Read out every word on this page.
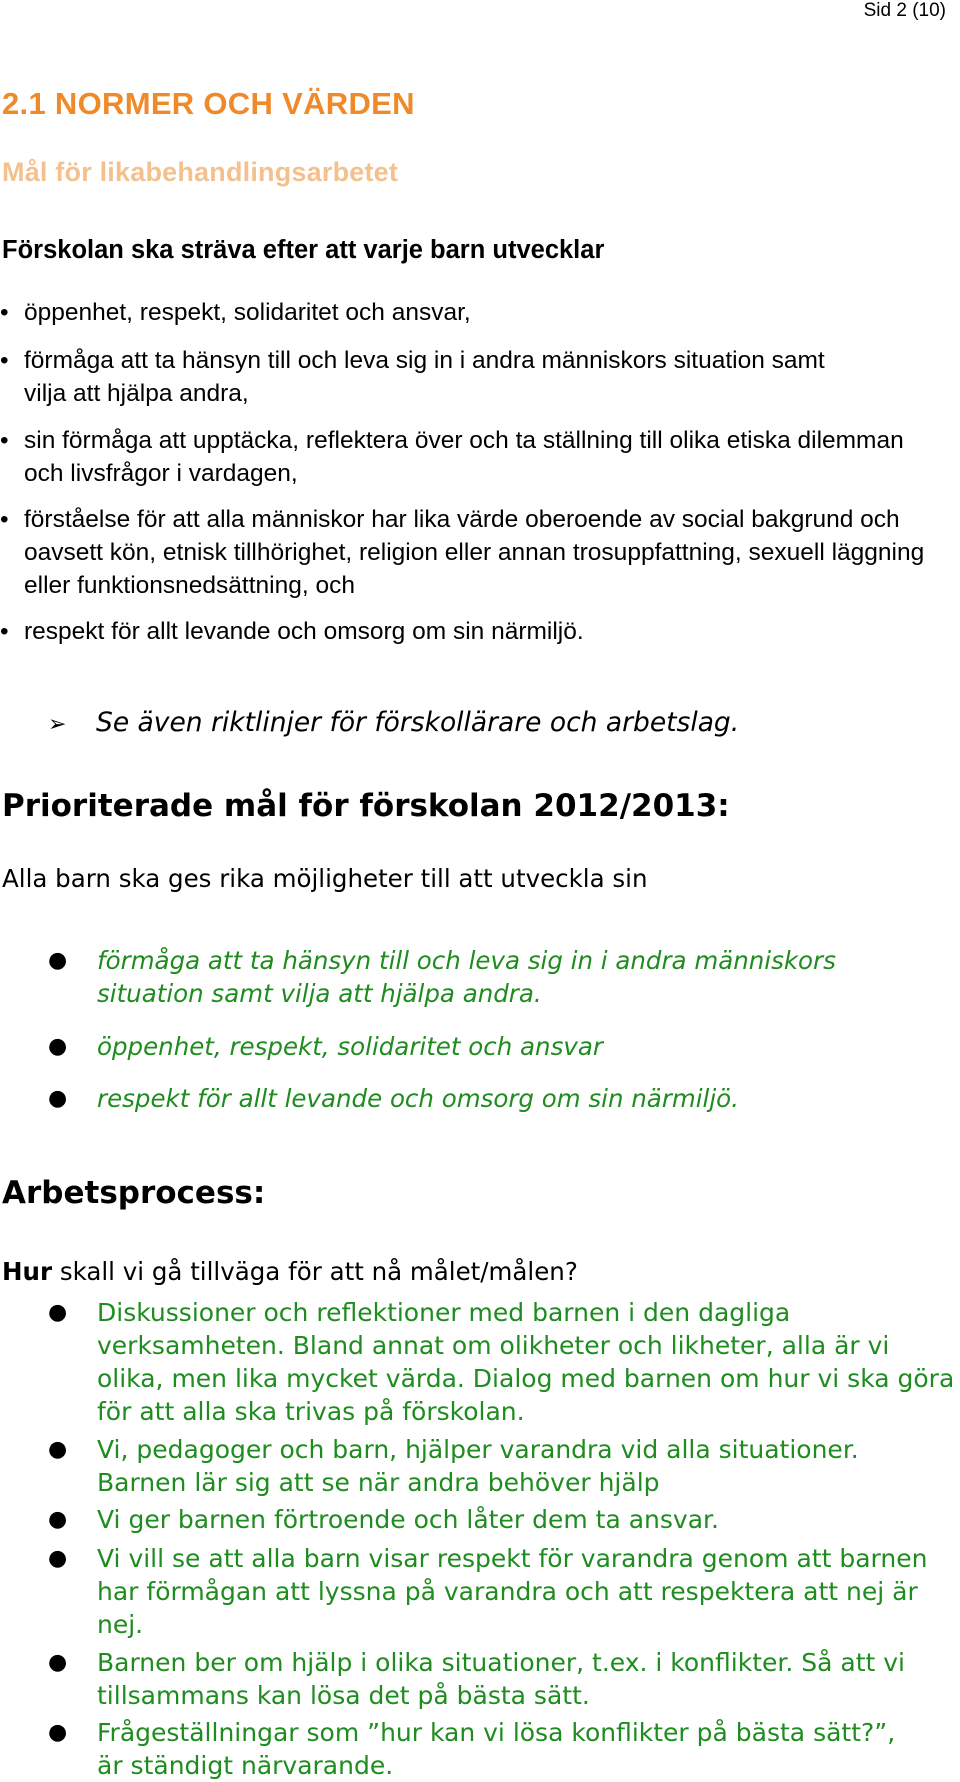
Sid 2 (10)
2.1 NORMER OCH VÄRDEN
Mål för likabehandlingsarbetet
Förskolan ska sträva efter att varje barn utvecklar
• öppenhet, respekt, solidaritet och ansvar,
• förmåga att ta hänsyn till och leva sig in i andra människors situation samt vilja att hjälpa andra,
• sin förmåga att upptäcka, reflektera över och ta ställning till olika etiska dilemman och livsfrågor i vardagen,
• förståelse för att alla människor har lika värde oberoende av social bakgrund och oavsett kön, etnisk tillhörighet, religion eller annan trosuppfattning, sexuell läggning eller funktionsnedsättning, och
• respekt för allt levande och omsorg om sin närmiljö.
➢ Se även riktlinjer för förskollärare och arbetslag.
Prioriterade mål för förskolan 2012/2013:
Alla barn ska ges rika möjligheter till att utveckla sin
●	förmåga att ta hänsyn till och leva sig in i andra människors situation samt vilja att hjälpa andra.
●	öppenhet, respekt, solidaritet och ansvar
●	respekt för allt levande och omsorg om sin närmiljö.
Arbetsprocess:
Hur skall vi gå tillväga för att nå målet/målen?
●	Diskussioner och reflektioner med barnen i den dagliga verksamheten. Bland annat om olikheter och likheter, alla är vi olika, men lika mycket värda. Dialog med barnen om hur vi ska göra för att alla ska trivas på förskolan.
●	Vi, pedagoger och barn, hjälper varandra vid alla situationer. Barnen lär sig att se när andra behöver hjälp
●	Vi ger barnen förtroende och låter dem ta ansvar.
●	Vi vill se att alla barn visar respekt för varandra genom att barnen har förmågan att lyssna på varandra och att respektera att nej är nej.
●	Barnen ber om hjälp i olika situationer, t.ex. i konflikter. Så att vi tillsammans kan lösa det på bästa sätt.
●	Frågeställningar som ”hur kan vi lösa konflikter på bästa sätt?”, är ständigt närvarande.
